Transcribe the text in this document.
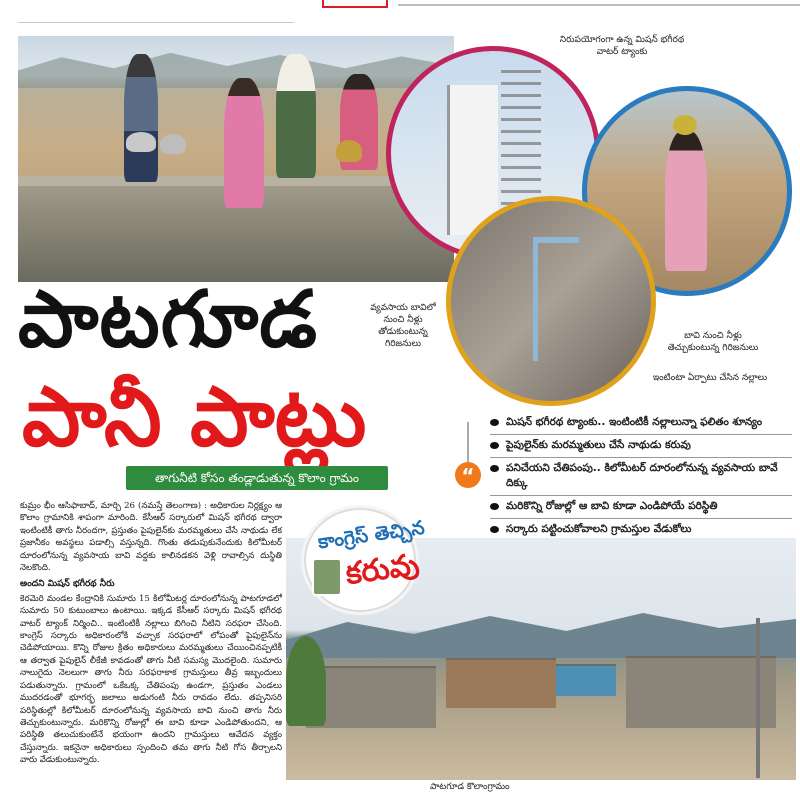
నిరుపయోగంగా ఉన్న మిషన్ భగీరథ వాటర్ ట్యాంకు
వ్యవసాయ బావిలో నుంచి నీళ్లు తోడుకుంటున్న గిరిజనులు
బావి నుంచి నీళ్లు తెచ్చుకుంటున్న గిరిజనులు
ఇంటింటా ఏర్పాటు చేసిన నల్లాలు
పాటగూడ
పానీ పాట్లు
తాగునీటి కోసం తండ్లాడుతున్న కొలాం గ్రామం	“
మిషన్ భగీరథ ట్యాంకు.. ఇంటింటికీ నల్లాలున్నా ఫలితం శూన్యం
పైపులైన్‌కు మరమ్మతులు చేసే నాథుడు కరువు
పనిచేయని చేతిపంపు.. కిలోమీటర్ దూరంలోనున్న వ్యవసాయ బావే దిక్కు
మరికొన్ని రోజుల్లో ఆ బావి కూడా ఎండిపోయే పరిస్థితి
సర్కారు పట్టించుకోవాలని గ్రామస్తుల వేడుకోలు

కుమ్రం భీం ఆసిఫాబాద్, మార్చి 26 (నమస్తే తెలంగాణ) : అధికారుల నిర్లక్ష్యం ఆ కొలాం గ్రామానికి శాపంగా మారింది. కేసీఆర్ సర్కారులో మిషన్ భగీరథ ద్వారా ఇంటింటికీ తాగు నీరందగా, ప్రస్తుతం పైపులైన్‌కు మరమ్మతులు చేసే నాథుడు లేక ప్రజానీకం అవస్థలు పడాల్సి వస్తున్నది. గొంతు తడుపుకునేందుకు కిలోమీటర్ దూరంలోనున్న వ్యవసాయ బావి వద్దకు కాలినడకన వెళ్లి రావాల్సిన దుస్థితి నెలకొంది.

అందని మిషన్ భగీరథ నీరు

కెరమెరి మండల కేంద్రానికి సుమారు 15 కిలోమీటర్ల దూరంలోనున్న పాటగూడలో సుమారు 50 కుటుంబాలు ఉంటాయి. ఇక్కడ కేసీఆర్ సర్కారు మిషన్ భగీరథ వాటర్ ట్యాంక్ నిర్మించి.. ఇంటింటికీ నల్లాలు బిగించి నీటిని సరఫరా చేసింది. కాంగ్రెస్ సర్కారు అధికారంలోకి వచ్చాక సరఫరాలో లోపంతో పైపులైన్‌ను చెడిపోయాయి. కొన్ని రోజుల క్రితం అధికారులు మరమ్మతులు చేయించినప్పటికీ ఆ తర్వాత పైపులైన్ లీకేజీ కావడంతో తాగు నీటి సమస్య మొదలైంది. సుమారు నాలుగైదు నెలలుగా తాగు నీరు సరఫరాకాక గ్రామస్తులు తీవ్ర ఇబ్బందులు పడుతున్నారు. గ్రామంలో ఒకేఒక్క చేతిపంపు ఉండగా, ప్రస్తుతం ఎండలు ముదరడంతో భూగర్భ జలాలు అడుగంటి నీరు రావడం లేదు. తప్పనిసరి పరిస్థితుల్లో కిలోమీటర్ దూరంలోనున్న వ్యవసాయ బావి నుంచి తాగు నీరు తెచ్చుకుంటున్నారు. మరికొన్ని రోజుల్లో ఈ బావి కూడా ఎండిపోతుందని, ఆ పరిస్థితి తలుచుకుంటేనే భయంగా ఉందని గ్రామస్తులు ఆవేదన వ్యక్తం చేస్తున్నారు. ఇకనైనా అధికారులు స్పందించి తమ తాగు నీటి గోస తీర్చాలని వారు వేడుకుంటున్నారు.

పాటగూడ కొలాంగ్రామం
కాంగ్రెస్ తెచ్చిన
కరువు
